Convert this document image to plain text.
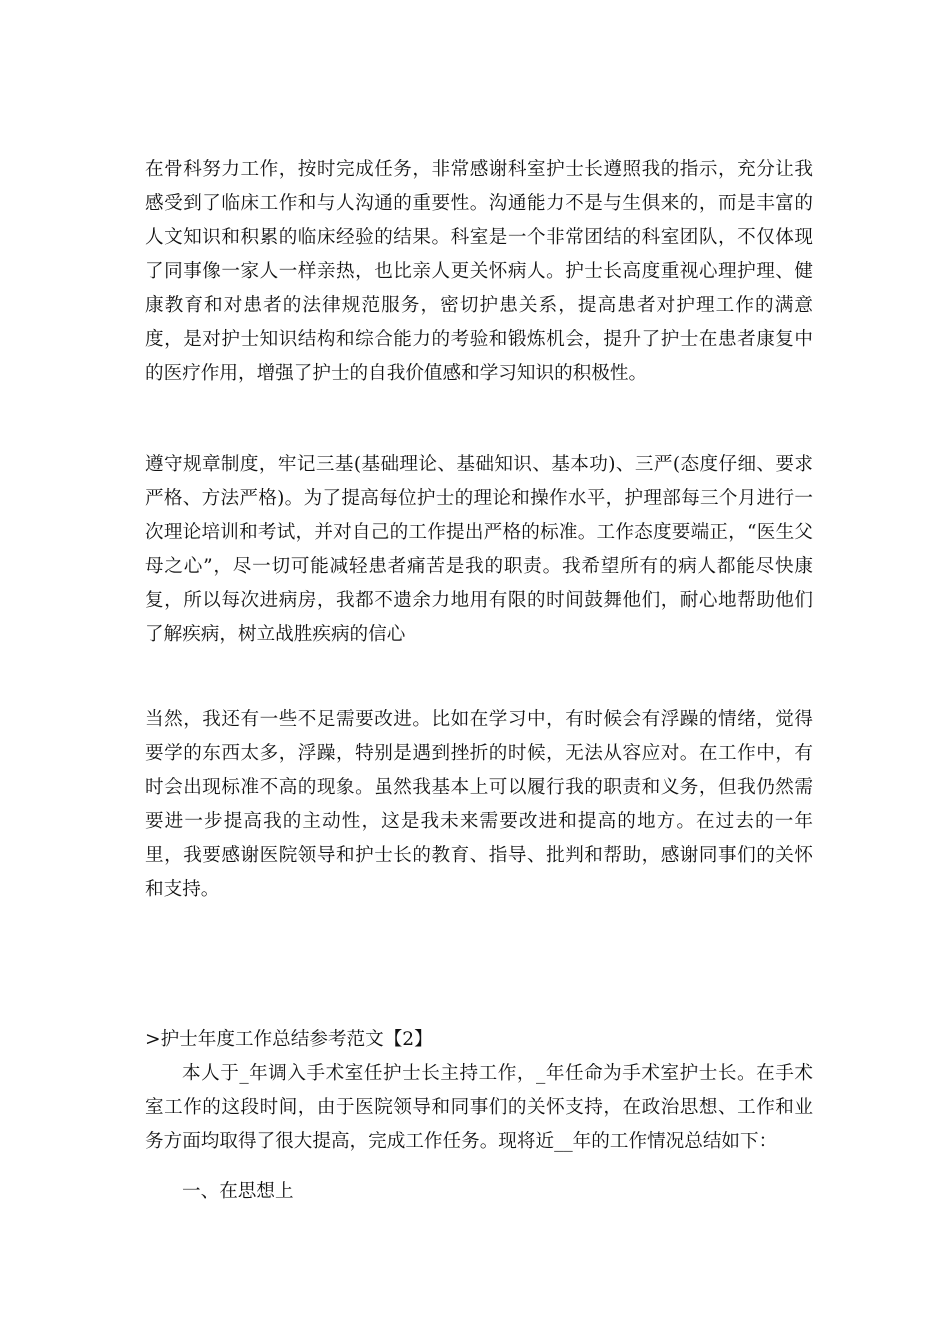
在骨科努力工作，按时完成任务，非常感谢科室护士长遵照我的指示，充分让我感受到了临床工作和与人沟通的重要性。沟通能力不是与生俱来的，而是丰富的人文知识和积累的临床经验的结果。科室是一个非常团结的科室团队，不仅体现了同事像一家人一样亲热，也比亲人更关怀病人。护士长高度重视心理护理、健康教育和对患者的法律规范服务，密切护患关系，提高患者对护理工作的满意度，是对护士知识结构和综合能力的考验和锻炼机会，提升了护士在患者康复中的医疗作用，增强了护士的自我价值感和学习知识的积极性。

遵守规章制度，牢记三基(基础理论、基础知识、基本功)、三严(态度仔细、要求严格、方法严格)。为了提高每位护士的理论和操作水平，护理部每三个月进行一次理论培训和考试，并对自己的工作提出严格的标准。工作态度要端正，“医生父母之心”，尽一切可能减轻患者痛苦是我的职责。我希望所有的病人都能尽快康复，所以每次进病房，我都不遗余力地用有限的时间鼓舞他们，耐心地帮助他们了解疾病，树立战胜疾病的信心

当然，我还有一些不足需要改进。比如在学习中，有时候会有浮躁的情绪，觉得要学的东西太多，浮躁，特别是遇到挫折的时候，无法从容应对。在工作中，有时会出现标准不高的现象。虽然我基本上可以履行我的职责和义务，但我仍然需要进一步提高我的主动性，这是我未来需要改进和提高的地方。在过去的一年里，我要感谢医院领导和护士长的教育、指导、批判和帮助，感谢同事们的关怀和支持。

>护士年度工作总结参考范文【2】

本人于_年调入手术室任护士长主持工作，_年任命为手术室护士长。在手术室工作的这段时间，由于医院领导和同事们的关怀支持，在政治思想、工作和业务方面均取得了很大提高，完成工作任务。现将近__年的工作情况总结如下：

一、在思想上
